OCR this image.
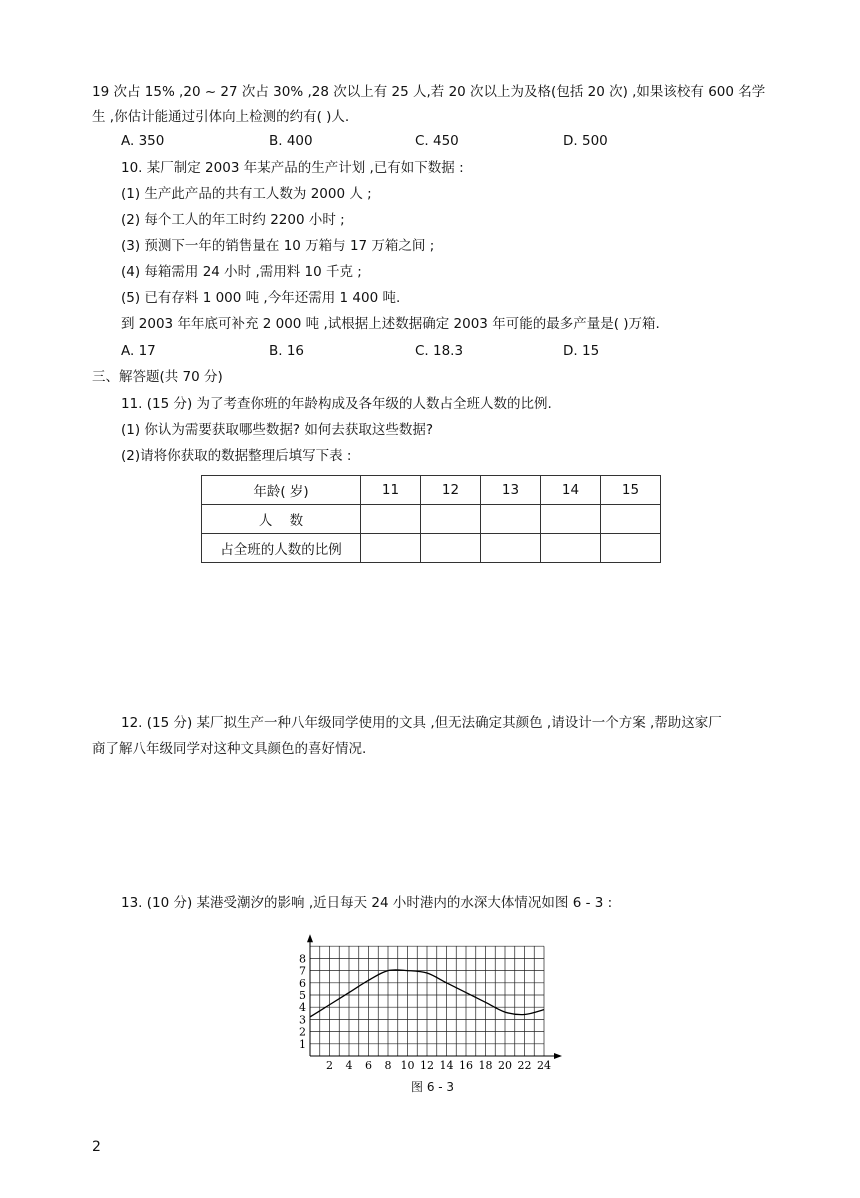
19 次占 15% ,20 ~ 27 次占 30% ,28 次以上有 25 人,若 20 次以上为及格(包括 20 次) ,如果该校有 600 名学
生 ,你估计能通过引体向上检测的约有( )人.
A. 350	B. 400	C. 450	D. 500
10. 某厂制定 2003 年某产品的生产计划 ,已有如下数据 :
(1) 生产此产品的共有工人数为 2000 人 ;
(2) 每个工人的年工时约 2200 小时 ;
(3) 预测下一年的销售量在 10 万箱与 17 万箱之间 ;
(4) 每箱需用 24 小时 ,需用料 10 千克 ;
(5) 已有存料 1 000 吨 ,今年还需用 1 400 吨.
到 2003 年年底可补充 2 000 吨 ,试根据上述数据确定 2003 年可能的最多产量是( )万箱.
A. 17	B. 16	C. 18.3	D. 15
三、解答题(共 70 分)
11. (15 分) 为了考查你班的年龄构成及各年级的人数占全班人数的比例.
(1) 你认为需要获取哪些数据? 如何去获取这些数据?
(2)请将你获取的数据整理后填写下表 :
年龄( 岁)	11	12	13	14	15
人    数					
占全班的人数的比例					
12. (15 分) 某厂拟生产一种八年级同学使用的文具 ,但无法确定其颜色 ,请设计一个方案 ,帮助这家厂
商了解八年级同学对这种文具颜色的喜好情况.
13. (10 分) 某港受潮汐的影响 ,近日每天 24 小时港内的水深大体情况如图 6 - 3 :
1
2
3
4
5
6
7
8
2 4 6 8 10 12 14 16 18 20 22 24
图 6 - 3
2
